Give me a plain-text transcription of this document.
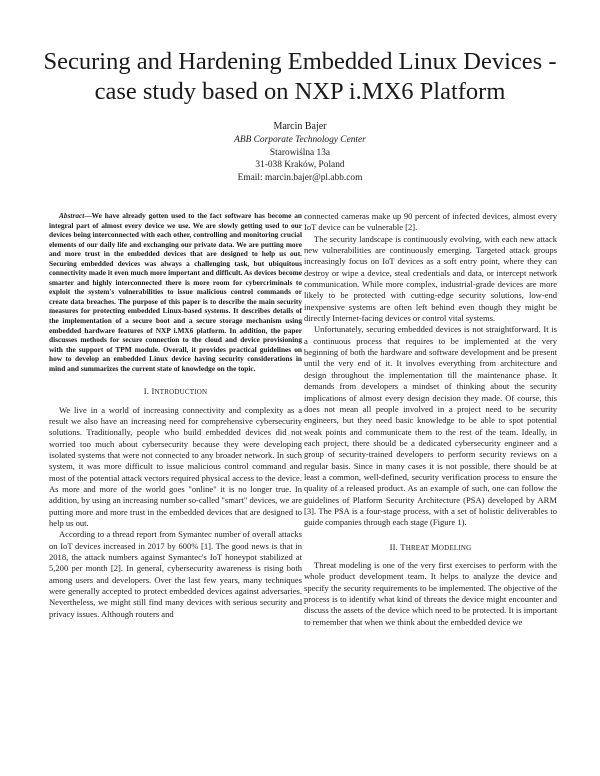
Securing and Hardening Embedded Linux Devices -
case study based on NXP i.MX6 Platform
Marcin Bajer
ABB Corporate Technology Center
Starowiślna 13a
31-038 Kraków, Poland
Email: marcin.bajer@pl.abb.com

Abstract—We have already gotten used to the fact software has become an integral part of almost every device we use. We are slowly getting used to our devices being interconnected with each other, controlling and monitoring crucial elements of our daily life and exchanging our private data. We are putting more and more trust in the embedded devices that are designed to help us out. Securing embedded devices was always a challenging task, but ubiquitous connectivity made it even much more important and difficult. As devices become smarter and highly interconnected there is more room for cybercriminals to exploit the system's vulnerabilities to issue malicious control commands or create data breaches. The purpose of this paper is to describe the main security measures for protecting embedded Linux-based systems. It describes details of the implementation of a secure boot and a secure storage mechanism using embedded hardware features of NXP i.MX6 platform. In addition, the paper discusses methods for secure connection to the cloud and device provisioning with the support of TPM module. Overall, it provides practical guidelines on how to develop an embedded Linux device having security considerations in mind and summarizes the current state of knowledge on the topic.

I. INTRODUCTION

We live in a world of increasing connectivity and complexity as a result we also have an increasing need for comprehensive cybersecurity solutions. Traditionally, people who build embedded devices did not worried too much about cybersecurity because they were developing isolated systems that were not connected to any broader network. In such system, it was more difficult to issue malicious control command and most of the potential attack vectors required physical access to the device. As more and more of the world goes "online" it is no longer true. In addition, by using an increasing number so-called "smart" devices, we are putting more and more trust in the embedded devices that are designed to help us out.

According to a thread report from Symantec number of overall attacks on IoT devices increased in 2017 by 600% [1]. The good news is that in 2018, the attack numbers against Symantec's IoT honeypot stabilized at 5,200 per month [2]. In general, cybersecurity awareness is rising both among users and developers. Over the last few years, many techniques were generally accepted to protect embedded devices against adversaries. Nevertheless, we might still find many devices with serious security and privacy issues. Although routers and

connected cameras make up 90 percent of infected devices, almost every IoT device can be vulnerable [2].

The security landscape is continuously evolving, with each new attack new vulnerabilities are continuously emerging. Targeted attack groups increasingly focus on IoT devices as a soft entry point, where they can destroy or wipe a device, steal credentials and data, or intercept network communication. While more complex, industrial-grade devices are more likely to be protected with cutting-edge security solutions, low-end inexpensive systems are often left behind even though they might be directly Internet-facing devices or control vital systems.

Unfortunately, securing embedded devices is not straightforward. It is a continuous process that requires to be implemented at the very beginning of both the hardware and software development and be present until the very end of it. It involves everything from architecture and design throughout the implementation till the maintenance phase. It demands from developers a mindset of thinking about the security implications of almost every design decision they made. Of course, this does not mean all people involved in a project need to be security engineers, but they need basic knowledge to be able to spot potential weak points and communicate them to the rest of the team. Ideally, in each project, there should be a dedicated cybersecurity engineer and a group of security-trained developers to perform security reviews on a regular basis. Since in many cases it is not possible, there should be at least a common, well-defined, security verification process to ensure the quality of a released product. As an example of such, one can follow the guidelines of Platform Security Architecture (PSA) developed by ARM [3]. The PSA is a four-stage process, with a set of holistic deliverables to guide companies through each stage (Figure 1).

II. THREAT MODELING

Threat modeling is one of the very first exercises to perform with the whole product development team. It helps to analyze the device and specify the security requirements to be implemented. The objective of the process is to identify what kind of threats the device might encounter and discuss the assets of the device which need to be protected. It is important to remember that when we think about the embedded device we
